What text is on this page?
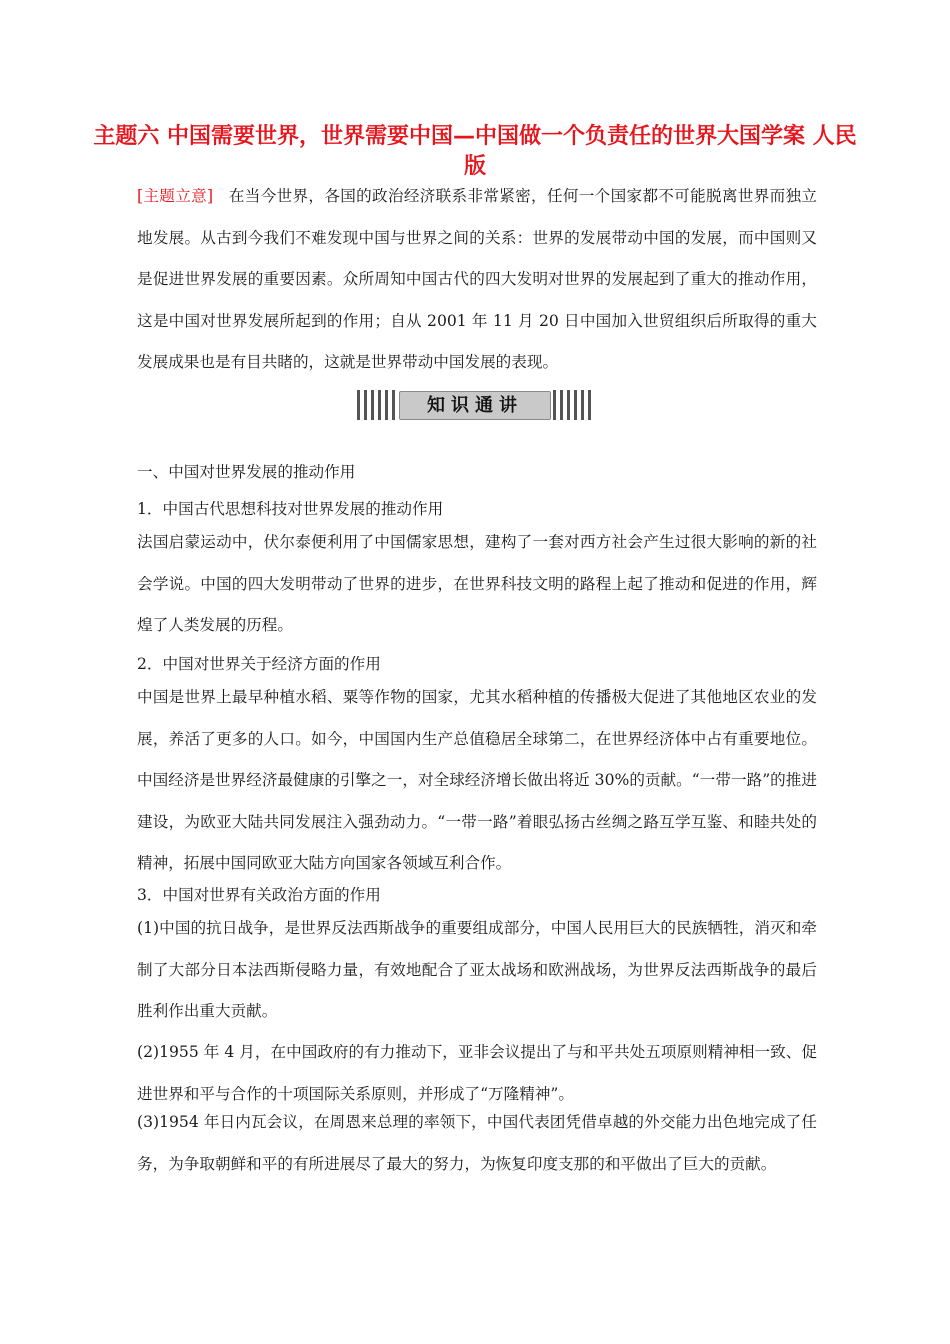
主题六 中国需要世界，世界需要中国—中国做一个负责任的世界大国学案 人民版
[主题立意] 在当今世界，各国的政治经济联系非常紧密，任何一个国家都不可能脱离世界而独立地发展。从古到今我们不难发现中国与世界之间的关系：世界的发展带动中国的发展，而中国则又是促进世界发展的重要因素。众所周知中国古代的四大发明对世界的发展起到了重大的推动作用，这是中国对世界发展所起到的作用；自从 2001 年 11 月 20 日中国加入世贸组织后所取得的重大发展成果也是有目共睹的，这就是世界带动中国发展的表现。
知识通讲
一、中国对世界发展的推动作用
1．中国古代思想科技对世界发展的推动作用
法国启蒙运动中，伏尔泰便利用了中国儒家思想，建构了一套对西方社会产生过很大影响的新的社会学说。中国的四大发明带动了世界的进步，在世界科技文明的路程上起了推动和促进的作用，辉煌了人类发展的历程。
2．中国对世界关于经济方面的作用
中国是世界上最早种植水稻、粟等作物的国家，尤其水稻种植的传播极大促进了其他地区农业的发展，养活了更多的人口。如今，中国国内生产总值稳居全球第二，在世界经济体中占有重要地位。中国经济是世界经济最健康的引擎之一，对全球经济增长做出将近 30%的贡献。“一带一路”的推进建设，为欧亚大陆共同发展注入强劲动力。“一带一路”着眼弘扬古丝绸之路互学互鉴、和睦共处的精神，拓展中国同欧亚大陆方向国家各领域互利合作。
3．中国对世界有关政治方面的作用
(1)中国的抗日战争，是世界反法西斯战争的重要组成部分，中国人民用巨大的民族牺牲，消灭和牵制了大部分日本法西斯侵略力量，有效地配合了亚太战场和欧洲战场，为世界反法西斯战争的最后胜利作出重大贡献。
(2)1955 年 4 月，在中国政府的有力推动下，亚非会议提出了与和平共处五项原则精神相一致、促进世界和平与合作的十项国际关系原则，并形成了“万隆精神”。
(3)1954 年日内瓦会议，在周恩来总理的率领下，中国代表团凭借卓越的外交能力出色地完成了任务，为争取朝鲜和平的有所进展尽了最大的努力，为恢复印度支那的和平做出了巨大的贡献。
